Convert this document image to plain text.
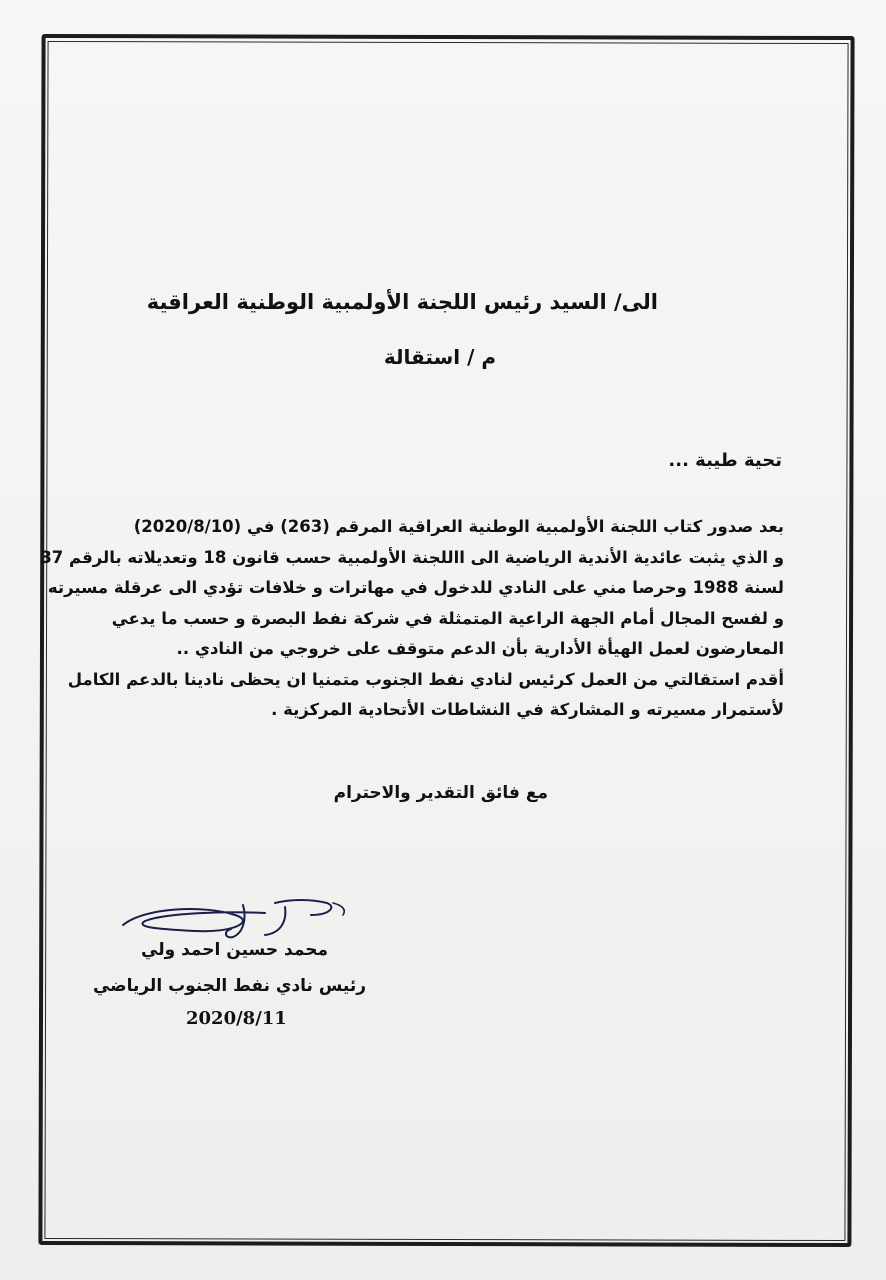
الى/ السيد رئيس اللجنة الأولمبية الوطنية العراقية
م / استقالة
تحية طيبة ...
بعد صدور كتاب اللجنة الأولمبية الوطنية العراقية المرقم (263) في (2020/8/10)
و الذي يثبت عائدية الأندية الرياضية الى االلجنة الأولمبية حسب قانون 18 وتعديلاته بالرقم 37
لسنة 1988 وحرصا مني على النادي للدخول في مهاترات و خلافات تؤدي الى عرقلة مسيرته
و لفسح المجال أمام الجهة الراعية المتمثلة في شركة نفط البصرة و حسب ما يدعي
المعارضون لعمل الهيأة الأدارية بأن الدعم متوقف على خروجي من النادي ..
أقدم استقالتي من العمل كرئيس لنادي نفط الجنوب متمنيا ان يحظى نادينا بالدعم الكامل
لأستمرار مسيرته و المشاركة في النشاطات الأتحادية المركزية .
مع فائق التقدير والاحترام
محمد حسين احمد ولي
رئيس نادي نفط الجنوب الرياضي
2020/8/11
